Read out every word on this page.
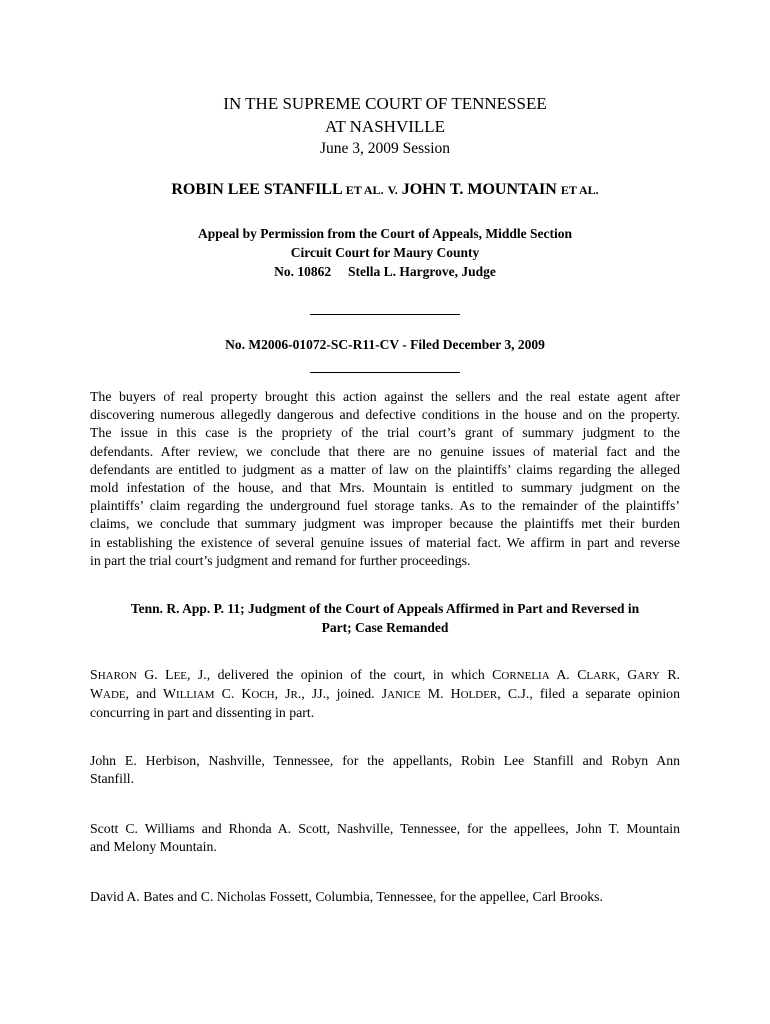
IN THE SUPREME COURT OF TENNESSEE

AT NASHVILLE

June 3, 2009 Session

ROBIN LEE STANFILL ET AL. V. JOHN T. MOUNTAIN ET AL.

Appeal by Permission from the Court of Appeals, Middle Section

Circuit Court for Maury County

No. 10862 Stella L. Hargrove, Judge

No. M2006-01072-SC-R11-CV - Filed December 3, 2009

The buyers of real property brought this action against the sellers and the real estate agent after
discovering numerous allegedly dangerous and defective conditions in the house and on the property.
The issue in this case is the propriety of the trial court’s grant of summary judgment to the
defendants. After review, we conclude that there are no genuine issues of material fact and the
defendants are entitled to judgment as a matter of law on the plaintiffs’ claims regarding the alleged
mold infestation of the house, and that Mrs. Mountain is entitled to summary judgment on the
plaintiffs’ claim regarding the underground fuel storage tanks. As to the remainder of the plaintiffs’
claims, we conclude that summary judgment was improper because the plaintiffs met their burden
in establishing the existence of several genuine issues of material fact. We affirm in part and reverse
in part the trial court’s judgment and remand for further proceedings.

Tenn. R. App. P. 11; Judgment of the Court of Appeals Affirmed in Part and Reversed in
Part; Case Remanded

SHARON G. LEE, J., delivered the opinion of the court, in which CORNELIA A. CLARK, GARY R.
WADE, and WILLIAM C. KOCH, JR., JJ., joined. JANICE M. HOLDER, C.J., filed a separate opinion
concurring in part and dissenting in part.
John E. Herbison, Nashville, Tennessee, for the appellants, Robin Lee Stanfill and Robyn Ann
Stanfill.
Scott C. Williams and Rhonda A. Scott, Nashville, Tennessee, for the appellees, John T. Mountain
and Melony Mountain.
David A. Bates and C. Nicholas Fossett, Columbia, Tennessee, for the appellee, Carl Brooks.
